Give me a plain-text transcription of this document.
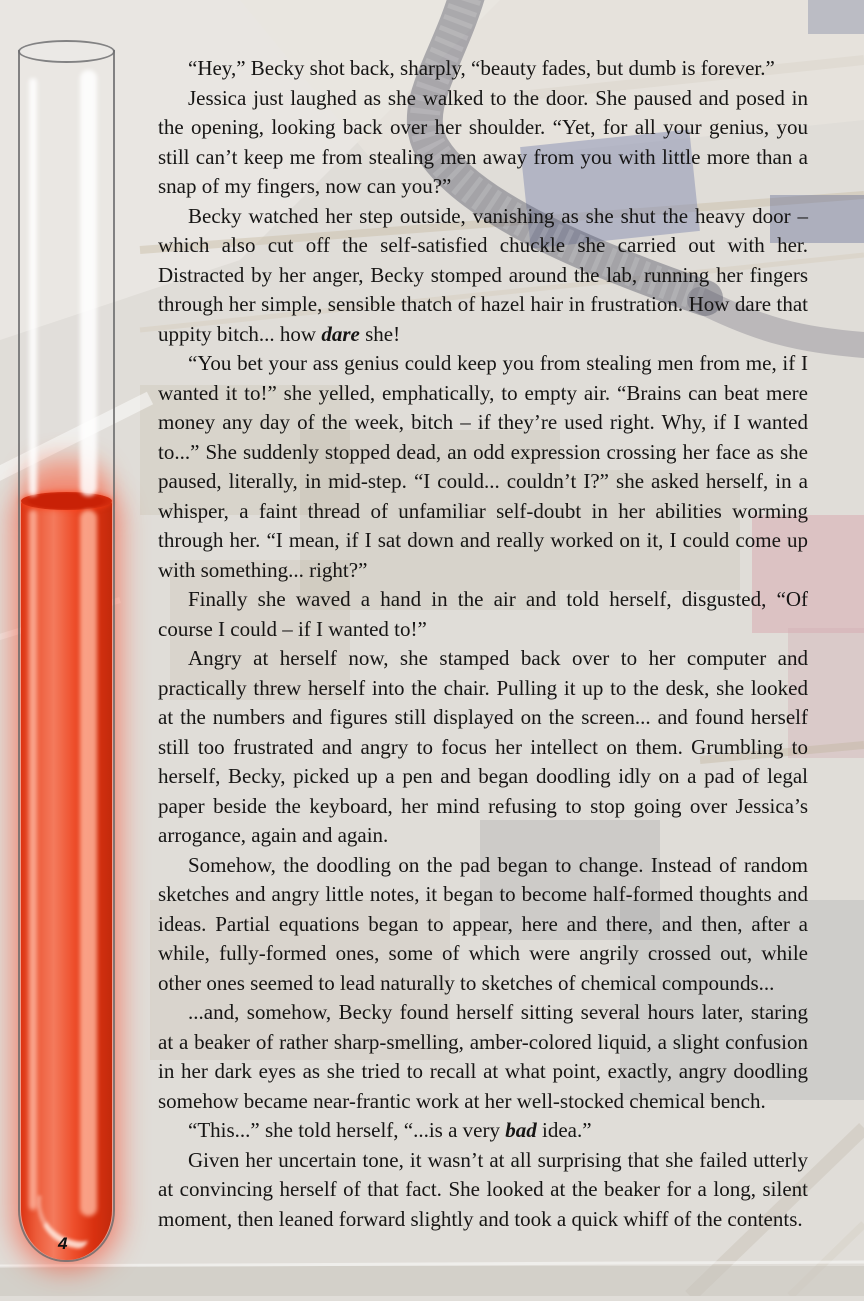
4

“Hey,” Becky shot back, sharply, “beauty fades, but dumb is forever.”

Jessica just laughed as she walked to the door. She paused and posed in the opening, looking back over her shoulder. “Yet, for all your genius, you still can’t keep me from stealing men away from you with little more than a snap of my fingers, now can you?”

Becky watched her step outside, vanishing as she shut the heavy door – which also cut off the self-satisfied chuckle she carried out with her. Distracted by her anger, Becky stomped around the lab, running her fingers through her simple, sensible thatch of hazel hair in frustration. How dare that uppity bitch... how dare she!

“You bet your ass genius could keep you from stealing men from me, if I wanted it to!” she yelled, emphatically, to empty air. “Brains can beat mere money any day of the week, bitch – if they’re used right. Why, if I wanted to...” She suddenly stopped dead, an odd expression crossing her face as she paused, literally, in mid-step. “I could... couldn’t I?” she asked herself, in a whisper, a faint thread of unfamiliar self-doubt in her abilities worming through her. “I mean, if I sat down and really worked on it, I could come up with something... right?”

Finally she waved a hand in the air and told herself, disgusted, “Of course I could – if I wanted to!”

Angry at herself now, she stamped back over to her computer and practically threw herself into the chair. Pulling it up to the desk, she looked at the numbers and figures still displayed on the screen... and found herself still too frustrated and angry to focus her intellect on them. Grumbling to herself, Becky, picked up a pen and began doodling idly on a pad of legal paper beside the keyboard, her mind refusing to stop going over Jessica’s arrogance, again and again.

Somehow, the doodling on the pad began to change. Instead of random sketches and angry little notes, it began to become half-formed thoughts and ideas. Partial equations began to appear, here and there, and then, after a while, fully-formed ones, some of which were angrily crossed out, while other ones seemed to lead naturally to sketches of chemical compounds...

...and, somehow, Becky found herself sitting several hours later, staring at a beaker of rather sharp-smelling, amber-colored liquid, a slight confusion in her dark eyes as she tried to recall at what point, exactly, angry doodling somehow became near-frantic work at her well-stocked chemical bench.

“This...” she told herself, “...is a very bad idea.”

Given her uncertain tone, it wasn’t at all surprising that she failed utterly at convincing herself of that fact. She looked at the beaker for a long, silent moment, then leaned forward slightly and took a quick whiff of the contents.
